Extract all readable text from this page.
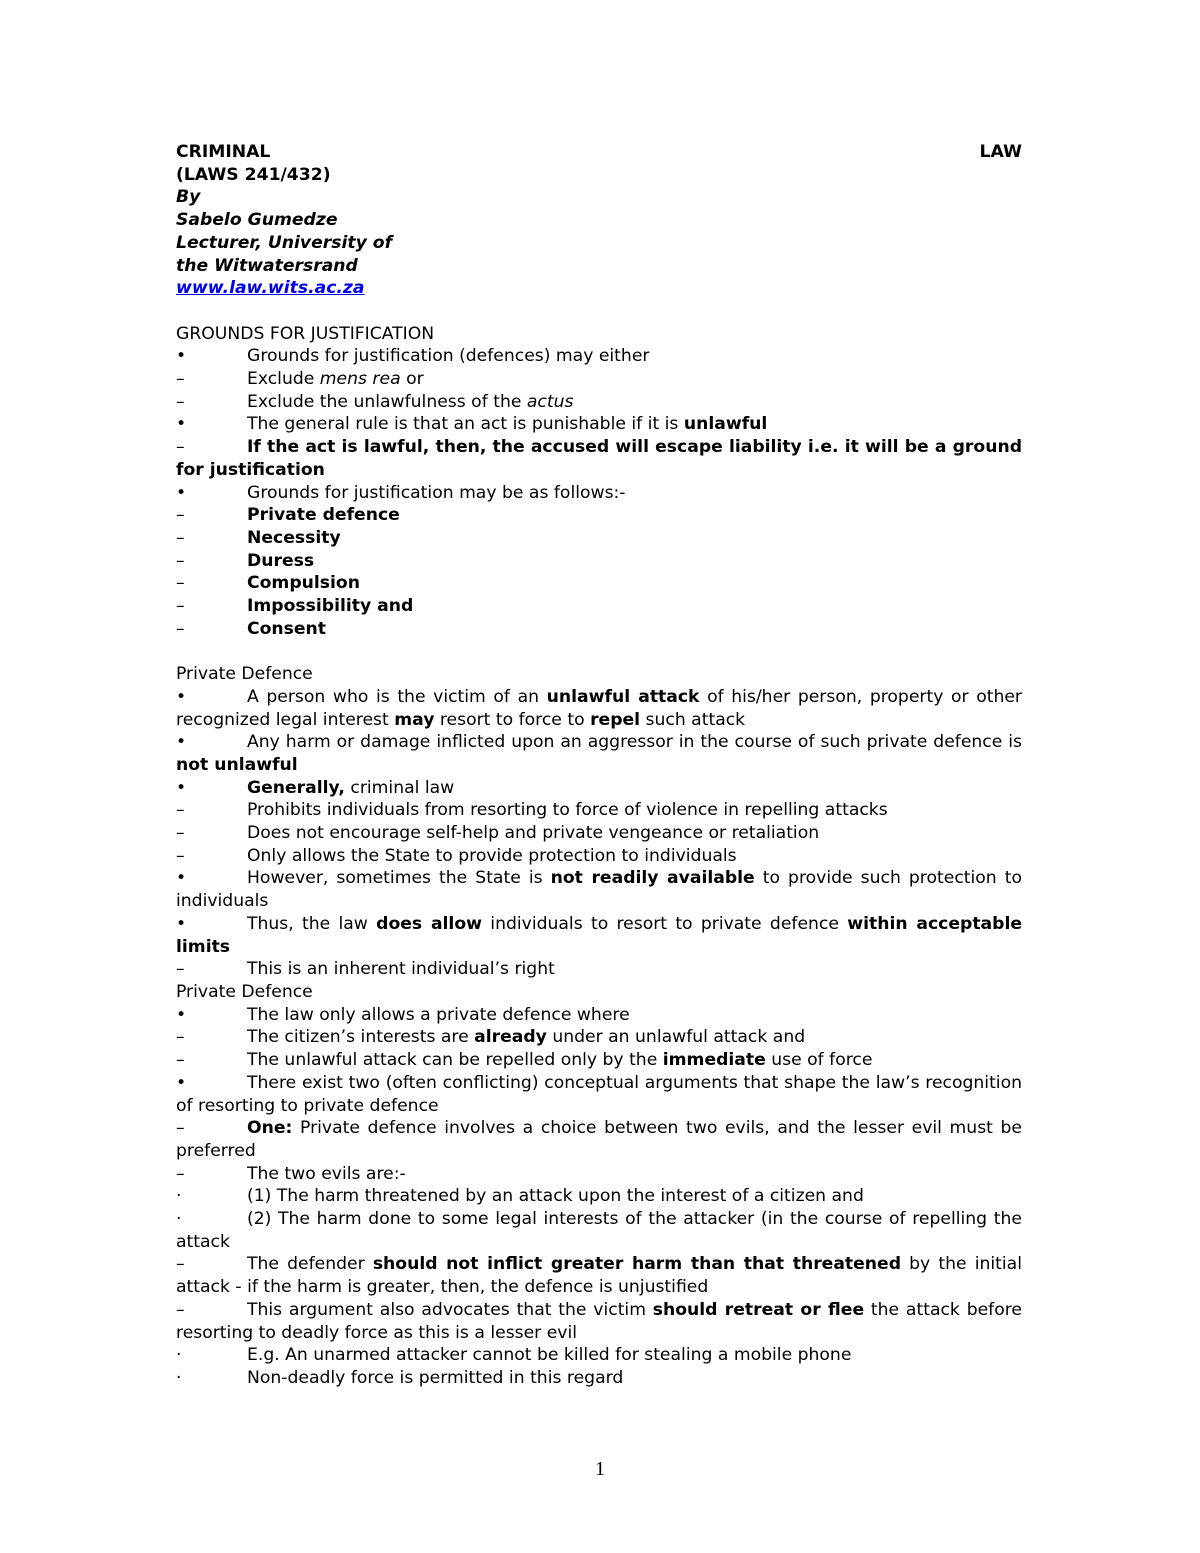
CRIMINAL	LAW
(LAWS 241/432)
By
Sabelo Gumedze
Lecturer, University of
the Witwatersrand
www.law.wits.ac.za
GROUNDS FOR JUSTIFICATION
•	Grounds for justification (defences) may either
–	Exclude mens rea or
–	Exclude the unlawfulness of the actus
•	The general rule is that an act is punishable if it is unlawful
–	If the act is lawful, then, the accused will escape liability i.e. it will be a ground for justification
•	Grounds for justification may be as follows:-
–	Private defence
–	Necessity
–	Duress
–	Compulsion
–	Impossibility and
–	Consent
Private Defence
•	A person who is the victim of an unlawful attack of his/her person, property or other recognized legal interest may resort to force to repel such attack
•	Any harm or damage inflicted upon an aggressor in the course of such private defence is not unlawful
•	Generally, criminal law
–	Prohibits individuals from resorting to force of violence in repelling attacks
–	Does not encourage self-help and private vengeance or retaliation
–	Only allows the State to provide protection to individuals
•	However, sometimes the State is not readily available to provide such protection to individuals
•	Thus, the law does allow individuals to resort to private defence within acceptable limits
–	This is an inherent individual’s right
Private Defence
•	The law only allows a private defence where
–	The citizen’s interests are already under an unlawful attack and
–	The unlawful attack can be repelled only by the immediate use of force
•	There exist two (often conflicting) conceptual arguments that shape the law’s recognition of resorting to private defence
–	One: Private defence involves a choice between two evils, and the lesser evil must be preferred
–	The two evils are:-
·	(1) The harm threatened by an attack upon the interest of a citizen and
·	(2) The harm done to some legal interests of the attacker (in the course of repelling the attack
–	The defender should not inflict greater harm than that threatened by the initial attack - if the harm is greater, then, the defence is unjustified
–	This argument also advocates that the victim should retreat or flee the attack before resorting to deadly force as this is a lesser evil
·	E.g. An unarmed attacker cannot be killed for stealing a mobile phone
·	Non-deadly force is permitted in this regard
1
